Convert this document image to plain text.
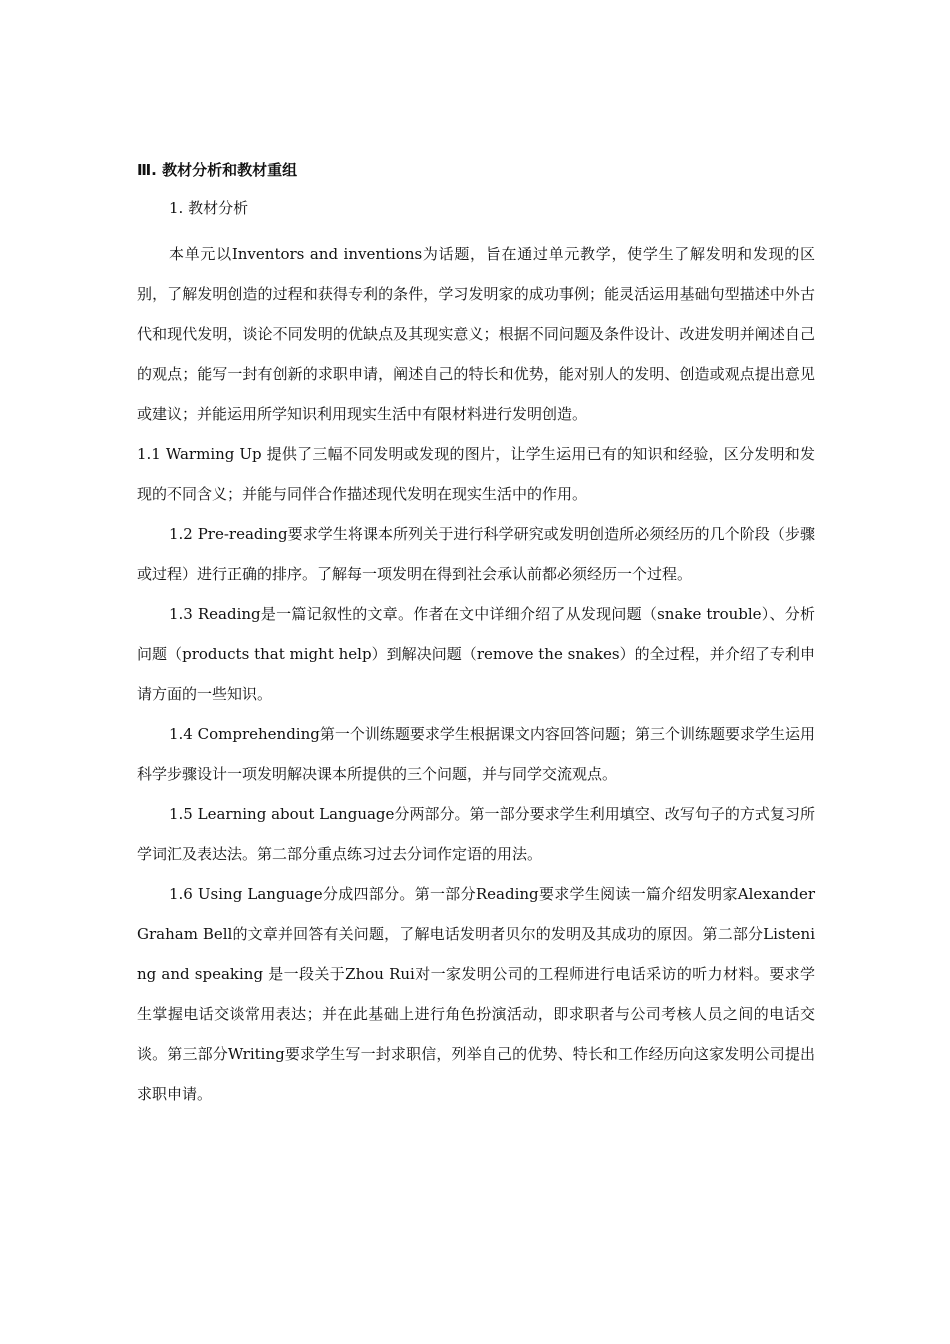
Ⅲ. 教材分析和教材重组
1. 教材分析

本单元以Inventors and inventions为话题，旨在通过单元教学，使学生了解发明和发现的区别，了解发明创造的过程和获得专利的条件，学习发明家的成功事例；能灵活运用基础句型描述中外古代和现代发明，谈论不同发明的优缺点及其现实意义；根据不同问题及条件设计、改进发明并阐述自己的观点；能写一封有创新的求职申请，阐述自己的特长和优势，能对别人的发明、创造或观点提出意见或建议；并能运用所学知识利用现实生活中有限材料进行发明创造。

1.1 Warming Up 提供了三幅不同发明或发现的图片，让学生运用已有的知识和经验，区分发明和发现的不同含义；并能与同伴合作描述现代发明在现实生活中的作用。

1.2 Pre-reading要求学生将课本所列关于进行科学研究或发明创造所必须经历的几个阶段（步骤或过程）进行正确的排序。了解每一项发明在得到社会承认前都必须经历一个过程。

1.3 Reading是一篇记叙性的文章。作者在文中详细介绍了从发现问题（snake trouble）、分析问题（products that might help）到解决问题（remove the snakes）的全过程，并介绍了专利申请方面的一些知识。

1.4 Comprehending第一个训练题要求学生根据课文内容回答问题；第三个训练题要求学生运用科学步骤设计一项发明解决课本所提供的三个问题，并与同学交流观点。

1.5 Learning about Language分两部分。第一部分要求学生利用填空、改写句子的方式复习所学词汇及表达法。第二部分重点练习过去分词作定语的用法。

1.6 Using Language分成四部分。第一部分Reading要求学生阅读一篇介绍发明家Alexander Graham Bell的文章并回答有关问题，了解电话发明者贝尔的发明及其成功的原因。第二部分Listening and speaking 是一段关于Zhou Rui对一家发明公司的工程师进行电话采访的听力材料。要求学生掌握电话交谈常用表达；并在此基础上进行角色扮演活动，即求职者与公司考核人员之间的电话交谈。第三部分Writing要求学生写一封求职信，列举自己的优势、特长和工作经历向这家发明公司提出求职申请。
